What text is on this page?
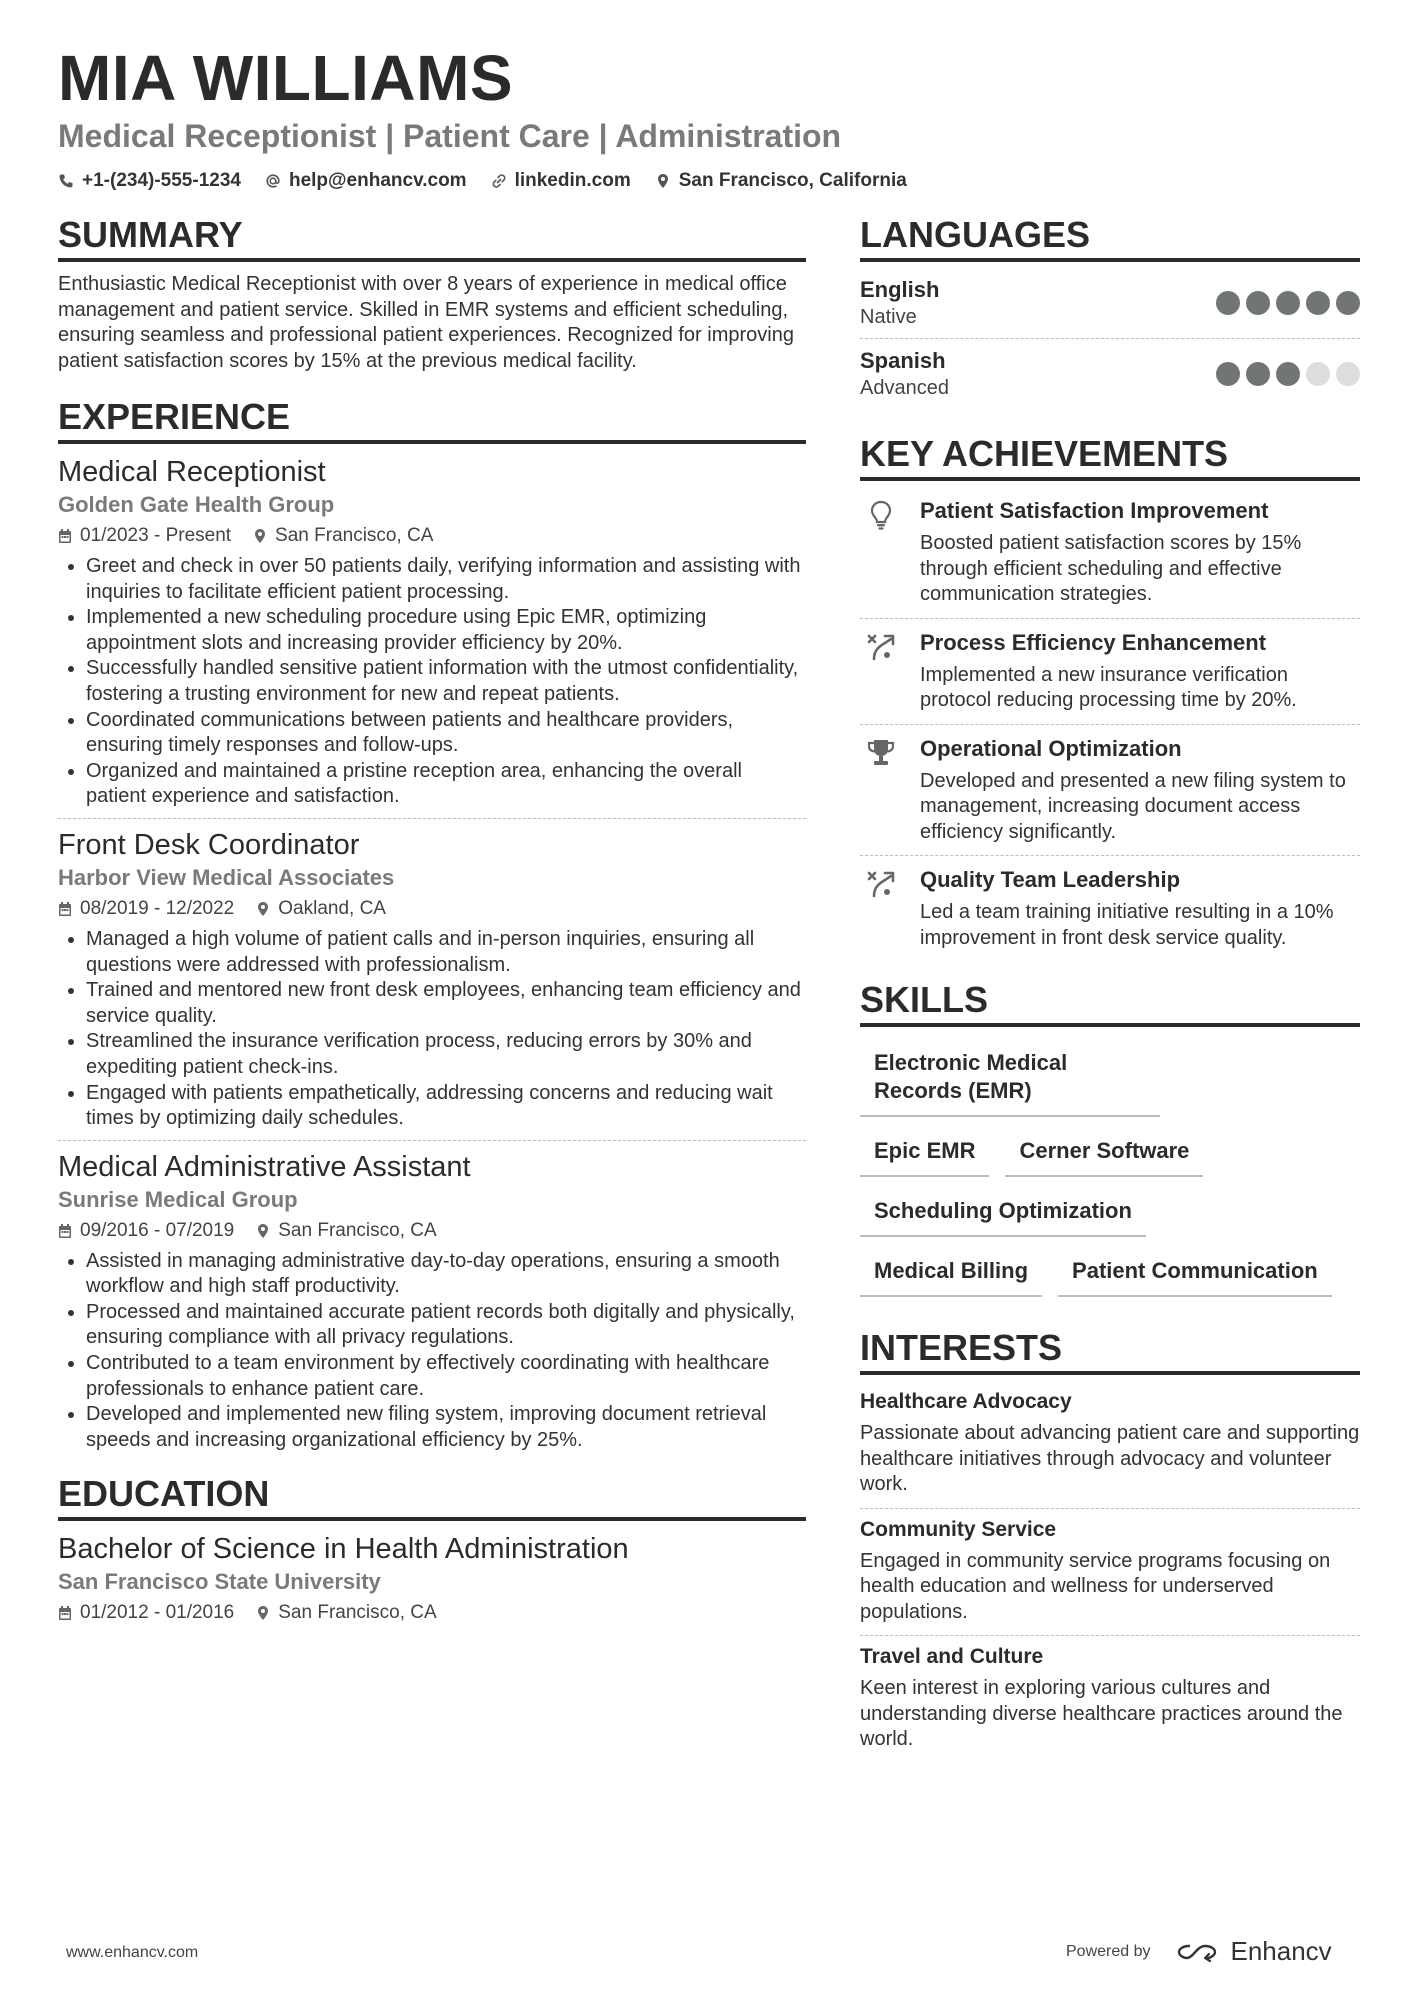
MIA WILLIAMS
Medical Receptionist | Patient Care | Administration
+1-(234)-555-1234	help@enhancv.com	linkedin.com	San Francisco, California
SUMMARY
Enthusiastic Medical Receptionist with over 8 years of experience in medical office management and patient service. Skilled in EMR systems and efficient scheduling, ensuring seamless and professional patient experiences. Recognized for improving patient satisfaction scores by 15% at the previous medical facility.
EXPERIENCE
Medical Receptionist
Golden Gate Health Group
01/2023 - Present San Francisco, CA
• Greet and check in over 50 patients daily, verifying information and assisting with inquiries to facilitate efficient patient processing.
• Implemented a new scheduling procedure using Epic EMR, optimizing appointment slots and increasing provider efficiency by 20%.
• Successfully handled sensitive patient information with the utmost confidentiality, fostering a trusting environment for new and repeat patients.
• Coordinated communications between patients and healthcare providers, ensuring timely responses and follow-ups.
• Organized and maintained a pristine reception area, enhancing the overall patient experience and satisfaction.
Front Desk Coordinator
Harbor View Medical Associates
08/2019 - 12/2022 Oakland, CA
• Managed a high volume of patient calls and in-person inquiries, ensuring all questions were addressed with professionalism.
• Trained and mentored new front desk employees, enhancing team efficiency and service quality.
• Streamlined the insurance verification process, reducing errors by 30% and expediting patient check-ins.
• Engaged with patients empathetically, addressing concerns and reducing wait times by optimizing daily schedules.
Medical Administrative Assistant
Sunrise Medical Group
09/2016 - 07/2019 San Francisco, CA
• Assisted in managing administrative day-to-day operations, ensuring a smooth workflow and high staff productivity.
• Processed and maintained accurate patient records both digitally and physically, ensuring compliance with all privacy regulations.
• Contributed to a team environment by effectively coordinating with healthcare professionals to enhance patient care.
• Developed and implemented new filing system, improving document retrieval speeds and increasing organizational efficiency by 25%.
EDUCATION
Bachelor of Science in Health Administration
San Francisco State University
01/2012 - 01/2016 San Francisco, CA
LANGUAGES
English
Native
Spanish
Advanced
KEY ACHIEVEMENTS
Patient Satisfaction Improvement
Boosted patient satisfaction scores by 15% through efficient scheduling and effective communication strategies.
Process Efficiency Enhancement
Implemented a new insurance verification protocol reducing processing time by 20%.
Operational Optimization
Developed and presented a new filing system to management, increasing document access efficiency significantly.
Quality Team Leadership
Led a team training initiative resulting in a 10% improvement in front desk service quality.
SKILLS
Electronic Medical Records (EMR)
Epic EMR	Cerner Software
Scheduling Optimization
Medical Billing	Patient Communication
INTERESTS
Healthcare Advocacy
Passionate about advancing patient care and supporting healthcare initiatives through advocacy and volunteer work.
Community Service
Engaged in community service programs focusing on health education and wellness for underserved populations.
Travel and Culture
Keen interest in exploring various cultures and understanding diverse healthcare practices around the world.
www.enhancv.com	Powered by	Enhancv
